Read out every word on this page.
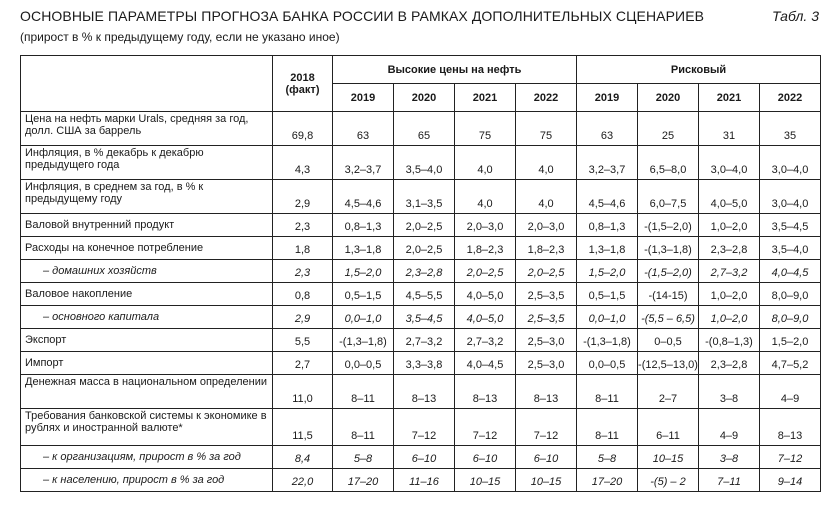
ОСНОВНЫЕ ПАРАМЕТРЫ ПРОГНОЗА БАНКА РОССИИ В РАМКАХ ДОПОЛНИТЕЛЬНЫХ СЦЕНАРИЕВ	Табл. 3
(прирост в % к предыдущему году, если не указано иное)
	2018 (факт)	Высокие цены на нефть				Рисковый			
		2019	2020	2021	2022	2019	2020	2021	2022
Цена на нефть марки Urals, средняя за год, долл. США за баррель	69,8	63	65	75	75	63	25	31	35
Инфляция, в % декабрь к декабрю предыдущего года	4,3	3,2–3,7	3,5–4,0	4,0	4,0	3,2–3,7	6,5–8,0	3,0–4,0	3,0–4,0
Инфляция, в среднем за год, в % к предыдущему году	2,9	4,5–4,6	3,1–3,5	4,0	4,0	4,5–4,6	6,0–7,5	4,0–5,0	3,0–4,0
Валовой внутренний продукт	2,3	0,8–1,3	2,0–2,5	2,0–3,0	2,0–3,0	0,8–1,3	-(1,5–2,0)	1,0–2,0	3,5–4,5
Расходы на конечное потребление	1,8	1,3–1,8	2,0–2,5	1,8–2,3	1,8–2,3	1,3–1,8	-(1,3–1,8)	2,3–2,8	3,5–4,0
– домашних хозяйств	2,3	1,5–2,0	2,3–2,8	2,0–2,5	2,0–2,5	1,5–2,0	-(1,5–2,0)	2,7–3,2	4,0–4,5
Валовое накопление	0,8	0,5–1,5	4,5–5,5	4,0–5,0	2,5–3,5	0,5–1,5	-(14-15)	1,0–2,0	8,0–9,0
– основного капитала	2,9	0,0–1,0	3,5–4,5	4,0–5,0	2,5–3,5	0,0–1,0	-(5,5 – 6,5)	1,0–2,0	8,0–9,0
Экспорт	5,5	-(1,3–1,8)	2,7–3,2	2,7–3,2	2,5–3,0	-(1,3–1,8)	0–0,5	-(0,8–1,3)	1,5–2,0
Импорт	2,7	0,0–0,5	3,3–3,8	4,0–4,5	2,5–3,0	0,0–0,5	-(12,5–13,0)	2,3–2,8	4,7–5,2
Денежная масса в национальном определении	11,0	8–11	8–13	8–13	8–13	8–11	2–7	3–8	4–9
Требования банковской системы к экономике в рублях и иностранной валюте*	11,5	8–11	7–12	7–12	7–12	8–11	6–11	4–9	8–13
– к организациям, прирост в % за год	8,4	5–8	6–10	6–10	6–10	5–8	10–15	3–8	7–12
– к населению, прирост в % за год	22,0	17–20	11–16	10–15	10–15	17–20	-(5) – 2	7–11	9–14
